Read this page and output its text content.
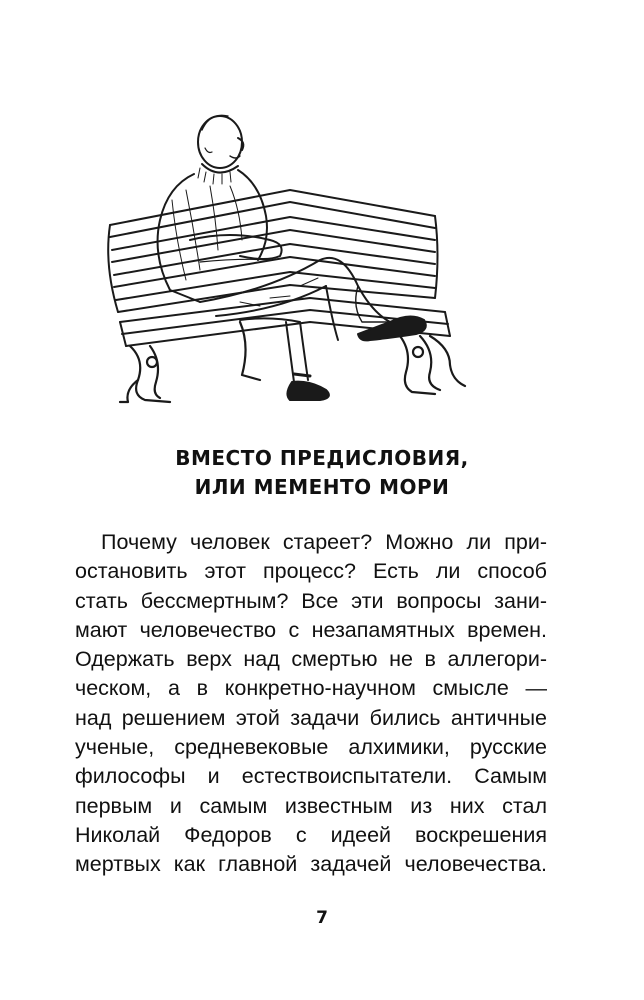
ВМЕСТО ПРЕДИСЛОВИЯ,
ИЛИ МЕМЕНТО МОРИ
Почему человек стареет? Можно ли при-
остановить этот процесс? Есть ли способ
стать бессмертным? Все эти вопросы зани-
мают человечество с незапамятных времен.
Одержать верх над смертью не в аллегори-
ческом, а в конкретно-научном смысле —
над решением этой задачи бились античные
ученые, средневековые алхимики, русские
философы и естествоиспытатели. Самым
первым и самым известным из них стал
Николай Федоров с идеей воскрешения
мертвых как главной задачей человечества.
7
